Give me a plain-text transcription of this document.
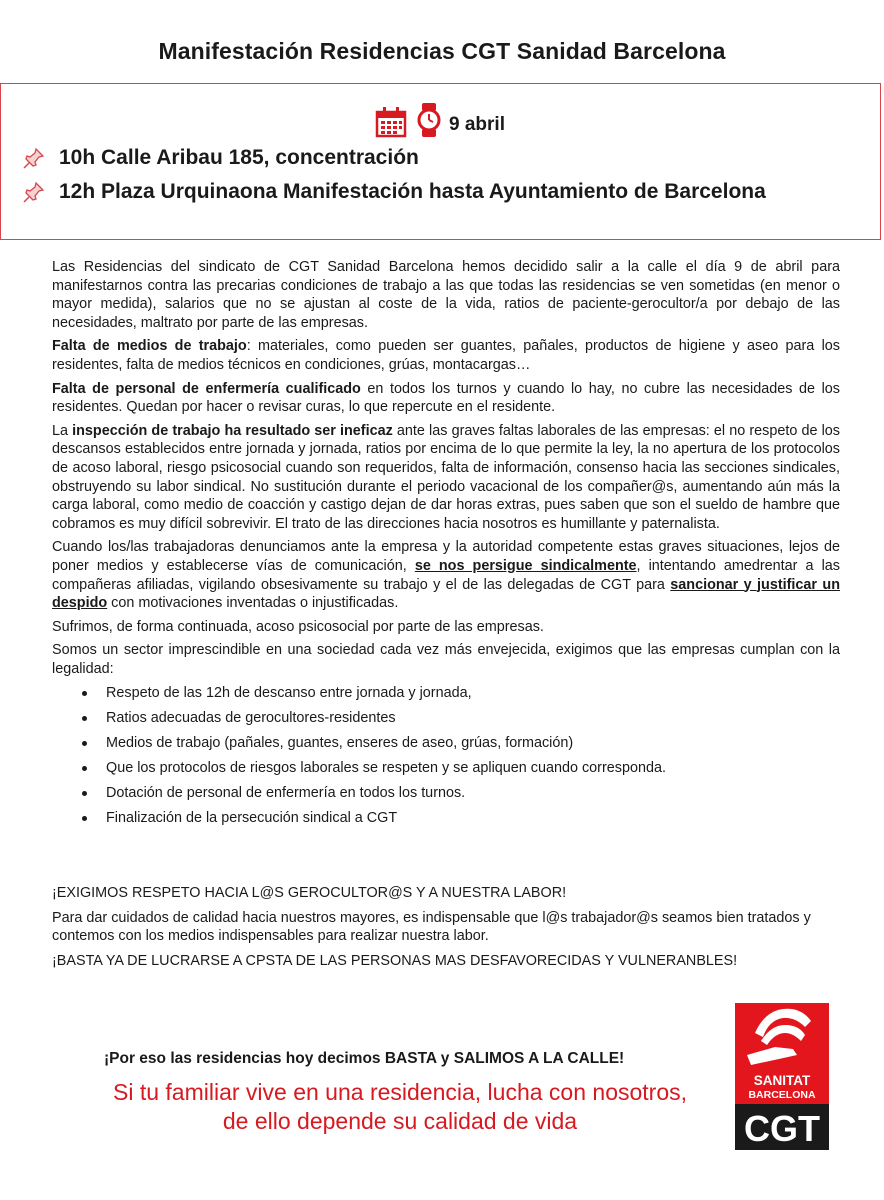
Manifestación Residencias CGT Sanidad Barcelona
9 abril
10h Calle Aribau 185, concentración
12h Plaza Urquinaona Manifestación hasta Ayuntamiento de Barcelona

Las Residencias del sindicato de CGT Sanidad Barcelona hemos decidido salir a la calle el día 9 de abril para manifestarnos contra las precarias condiciones de trabajo a las que todas las residencias se ven sometidas (en menor o mayor medida), salarios que no se ajustan al coste de la vida, ratios de paciente-gerocultor/a por debajo de las necesidades, maltrato por parte de las empresas.

Falta de medios de trabajo: materiales, como pueden ser guantes, pañales, productos de higiene y aseo para los residentes, falta de medios técnicos en condiciones, grúas, montacargas…

Falta de personal de enfermería cualificado en todos los turnos y cuando lo hay, no cubre las necesidades de los residentes. Quedan por hacer o revisar curas, lo que repercute en el residente.

La inspección de trabajo ha resultado ser ineficaz ante las graves faltas laborales de las empresas: el no respeto de los descansos establecidos entre jornada y jornada, ratios por encima de lo que permite la ley, la no apertura de los protocolos de acoso laboral, riesgo psicosocial cuando son requeridos, falta de información, consenso hacia las secciones sindicales, obstruyendo su labor sindical. No sustitución durante el periodo vacacional de los compañer@s, aumentando aún más la carga laboral, como medio de coacción y castigo dejan de dar horas extras, pues saben que son el sueldo de hambre que cobramos es muy difícil sobrevivir. El trato de las direcciones hacia nosotros es humillante y paternalista.

Cuando los/las trabajadoras denunciamos ante la empresa y la autoridad competente estas graves situaciones, lejos de poner medios y establecerse vías de comunicación, se nos persigue sindicalmente, intentando amedrentar a las compañeras afiliadas, vigilando obsesivamente su trabajo y el de las delegadas de CGT para sancionar y justificar un despido con motivaciones inventadas o injustificadas.

Sufrimos, de forma continuada, acoso psicosocial por parte de las empresas.

Somos un sector imprescindible en una sociedad cada vez más envejecida, exigimos que las empresas cumplan con la legalidad:

Respeto de las 12h de descanso entre jornada y jornada,
Ratios adecuadas de gerocultores-residentes
Medios de trabajo (pañales, guantes, enseres de aseo, grúas, formación)
Que los protocolos de riesgos laborales se respeten y se apliquen cuando corresponda.
Dotación de personal de enfermería en todos los turnos.
Finalización de la persecución sindical a CGT

¡EXIGIMOS RESPETO HACIA L@S GEROCULTOR@S Y A NUESTRA LABOR!

Para dar cuidados de calidad hacia nuestros mayores, es indispensable que l@s trabajador@s seamos bien tratados y contemos con los medios indispensables para realizar nuestra labor.

¡BASTA YA DE LUCRARSE A CPSTA DE LAS PERSONAS MAS DESFAVORECIDAS Y VULNERANBLES!

¡Por eso las residencias hoy decimos BASTA y SALIMOS A LA CALLE!
Si tu familiar vive en una residencia, lucha con nosotros, de ello depende su calidad de vida
SANITAT
BARCELONA
CGT
